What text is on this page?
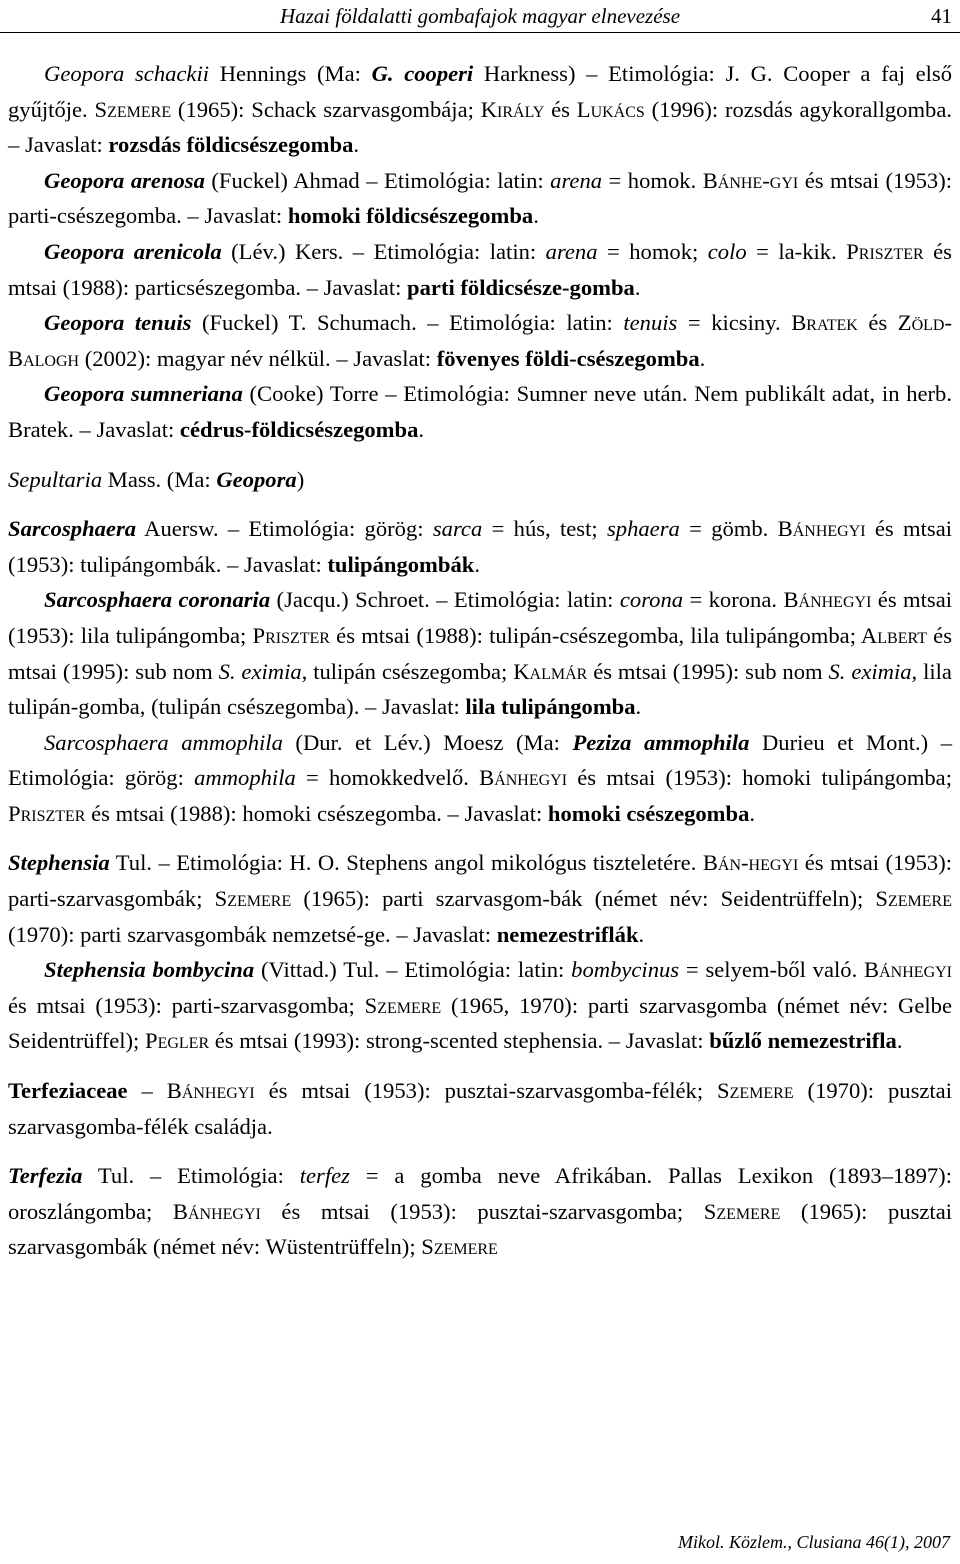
Hazai földalatti gombafajok magyar elnevezése	41

Geopora schackii Hennings (Ma: G. cooperi Harkness) – Etimológia: J. G. Cooper a faj első gyűjtője. Szemere (1965): Schack szarvasgombája; Király és Lukács (1996): rozsdás agykorallgomba. – Javaslat: rozsdás földicsészegomba.

Geopora arenosa (Fuckel) Ahmad – Etimológia: latin: arena = homok. Bánhe-gyi és mtsai (1953): parti-csészegomba. – Javaslat: homoki földicsészegomba.

Geopora arenicola (Lév.) Kers. – Etimológia: latin: arena = homok; colo = la-kik. Priszter és mtsai (1988): particsészegomba. – Javaslat: parti földicsésze-gomba.

Geopora tenuis (Fuckel) T. Schumach. – Etimológia: latin: tenuis = kicsiny. Bratek és Zöld-Balogh (2002): magyar név nélkül. – Javaslat: fövenyes földi-csészegomba.

Geopora sumneriana (Cooke) Torre – Etimológia: Sumner neve után. Nem publikált adat, in herb. Bratek. – Javaslat: cédrus-földicsészegomba.

Sepultaria Mass. (Ma: Geopora)

Sarcosphaera Auersw. – Etimológia: görög: sarca = hús, test; sphaera = gömb. Bánhegyi és mtsai (1953): tulipángombák. – Javaslat: tulipángombák.

Sarcosphaera coronaria (Jacqu.) Schroet. – Etimológia: latin: corona = korona. Bánhegyi és mtsai (1953): lila tulipángomba; Priszter és mtsai (1988): tulipán-csészegomba, lila tulipángomba; Albert és mtsai (1995): sub nom S. eximia, tulipán csészegomba; Kalmár és mtsai (1995): sub nom S. eximia, lila tulipán-gomba, (tulipán csészegomba). – Javaslat: lila tulipángomba.

Sarcosphaera ammophila (Dur. et Lév.) Moesz (Ma: Peziza ammophila Durieu et Mont.) – Etimológia: görög: ammophila = homokkedvelő. Bánhegyi és mtsai (1953): homoki tulipángomba; Priszter és mtsai (1988): homoki csészegomba. – Javaslat: homoki csészegomba.

Stephensia Tul. – Etimológia: H. O. Stephens angol mikológus tiszteletére. Bán-hegyi és mtsai (1953): parti-szarvasgombák; Szemere (1965): parti szarvasgom-bák (német név: Seidentrüffeln); Szemere (1970): parti szarvasgombák nemzetsé-ge. – Javaslat: nemezestriflák.

Stephensia bombycina (Vittad.) Tul. – Etimológia: latin: bombycinus = selyem-ből való. Bánhegyi és mtsai (1953): parti-szarvasgomba; Szemere (1965, 1970): parti szarvasgomba (német név: Gelbe Seidentrüffel); Pegler és mtsai (1993): strong-scented stephensia. – Javaslat: bűzlő nemezestrifla.

Terfeziaceae – Bánhegyi és mtsai (1953): pusztai-szarvasgomba-félék; Szemere (1970): pusztai szarvasgomba-félék családja.

Terfezia Tul. – Etimológia: terfez = a gomba neve Afrikában. Pallas Lexikon (1893–1897): oroszlángomba; Bánhegyi és mtsai (1953): pusztai-szarvasgomba; Szemere (1965): pusztai szarvasgombák (német név: Wüstentrüffeln); Szemere

Mikol. Közlem., Clusiana 46(1), 2007
